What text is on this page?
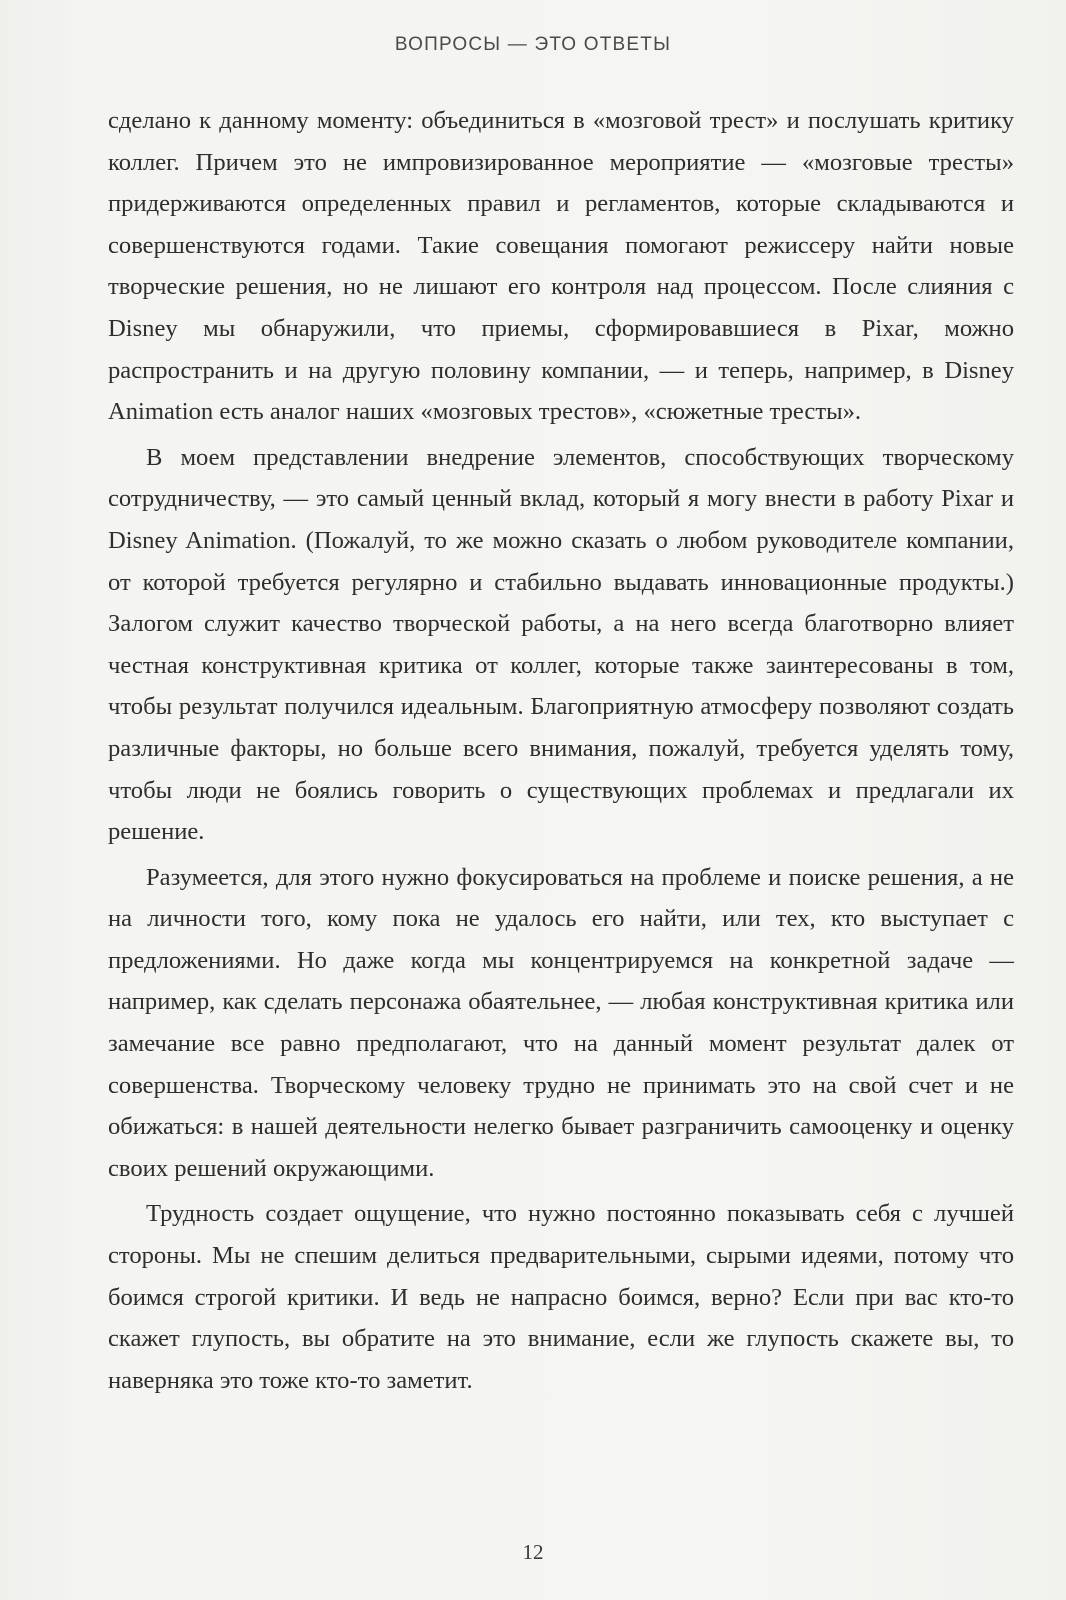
ВОПРОСЫ — ЭТО ОТВЕТЫ

сделано к данному моменту: объединиться в «мозговой трест» и послушать критику коллег. Причем это не импровизированное мероприятие — «мозговые тресты» придерживаются определенных правил и регламентов, которые складываются и совершенствуются годами. Такие совещания помогают режиссеру найти новые творческие решения, но не лишают его контроля над процессом. После слияния с Disney мы обнаружили, что приемы, сформировавшиеся в Pixar, можно распространить и на другую половину компании, — и теперь, например, в Disney Animation есть аналог наших «мозговых трестов», «сюжетные тресты».

В моем представлении внедрение элементов, способствующих творческому сотрудничеству, — это самый ценный вклад, который я могу внести в работу Pixar и Disney Animation. (Пожалуй, то же можно сказать о любом руководителе компании, от которой требуется регулярно и стабильно выдавать инновационные продукты.) Залогом служит качество творческой работы, а на него всегда благотворно влияет честная конструктивная критика от коллег, которые также заинтересованы в том, чтобы результат получился идеальным. Благоприятную атмосферу позволяют создать различные факторы, но больше всего внимания, пожалуй, требуется уделять тому, чтобы люди не боялись говорить о существующих проблемах и предлагали их решение.

Разумеется, для этого нужно фокусироваться на проблеме и поиске решения, а не на личности того, кому пока не удалось его найти, или тех, кто выступает с предложениями. Но даже когда мы концентрируемся на конкретной задаче — например, как сделать персонажа обаятельнее, — любая конструктивная критика или замечание все равно предполагают, что на данный момент результат далек от совершенства. Творческому человеку трудно не принимать это на свой счет и не обижаться: в нашей деятельности нелегко бывает разграничить самооценку и оценку своих решений окружающими.

Трудность создает ощущение, что нужно постоянно показывать себя с лучшей стороны. Мы не спешим делиться предварительными, сырыми идеями, потому что боимся строгой критики. И ведь не напрасно боимся, верно? Если при вас кто-то скажет глупость, вы обратите на это внимание, если же глупость скажете вы, то наверняка это тоже кто-то заметит.

12
